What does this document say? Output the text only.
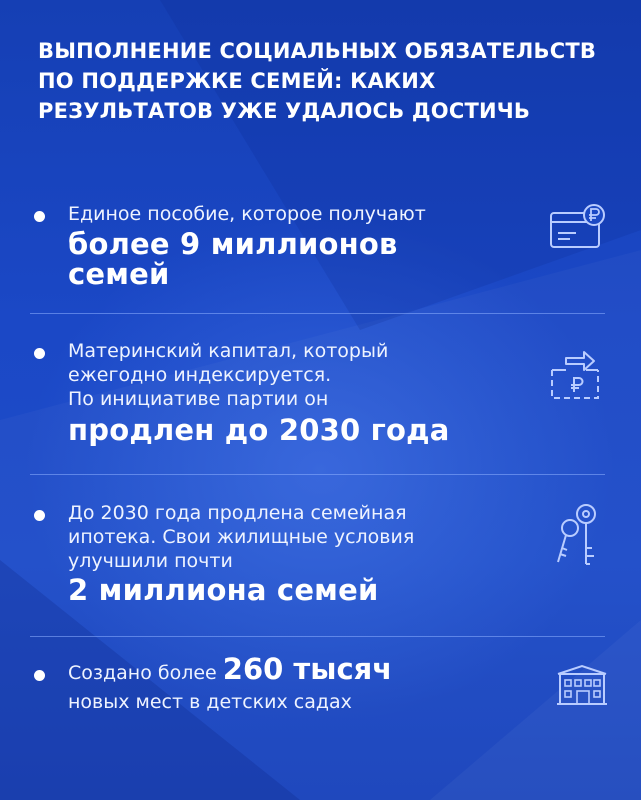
ВЫПОЛНЕНИЕ СОЦИАЛЬНЫХ ОБЯЗАТЕЛЬСТВ ПО ПОДДЕРЖКЕ СЕМЕЙ: КАКИХ РЕЗУЛЬТАТОВ УЖЕ УДАЛОСЬ ДОСТИЧЬ
Единое пособие, которое получают
более 9 миллионов
семей
Материнский капитал, который
ежегодно индексируется.
По инициативе партии он
продлен до 2030 года
До 2030 года продлена семейная
ипотека. Свои жилищные условия
улучшили почти
2 миллиона семей
Создано более 260 тысяч
новых мест в детских садах
